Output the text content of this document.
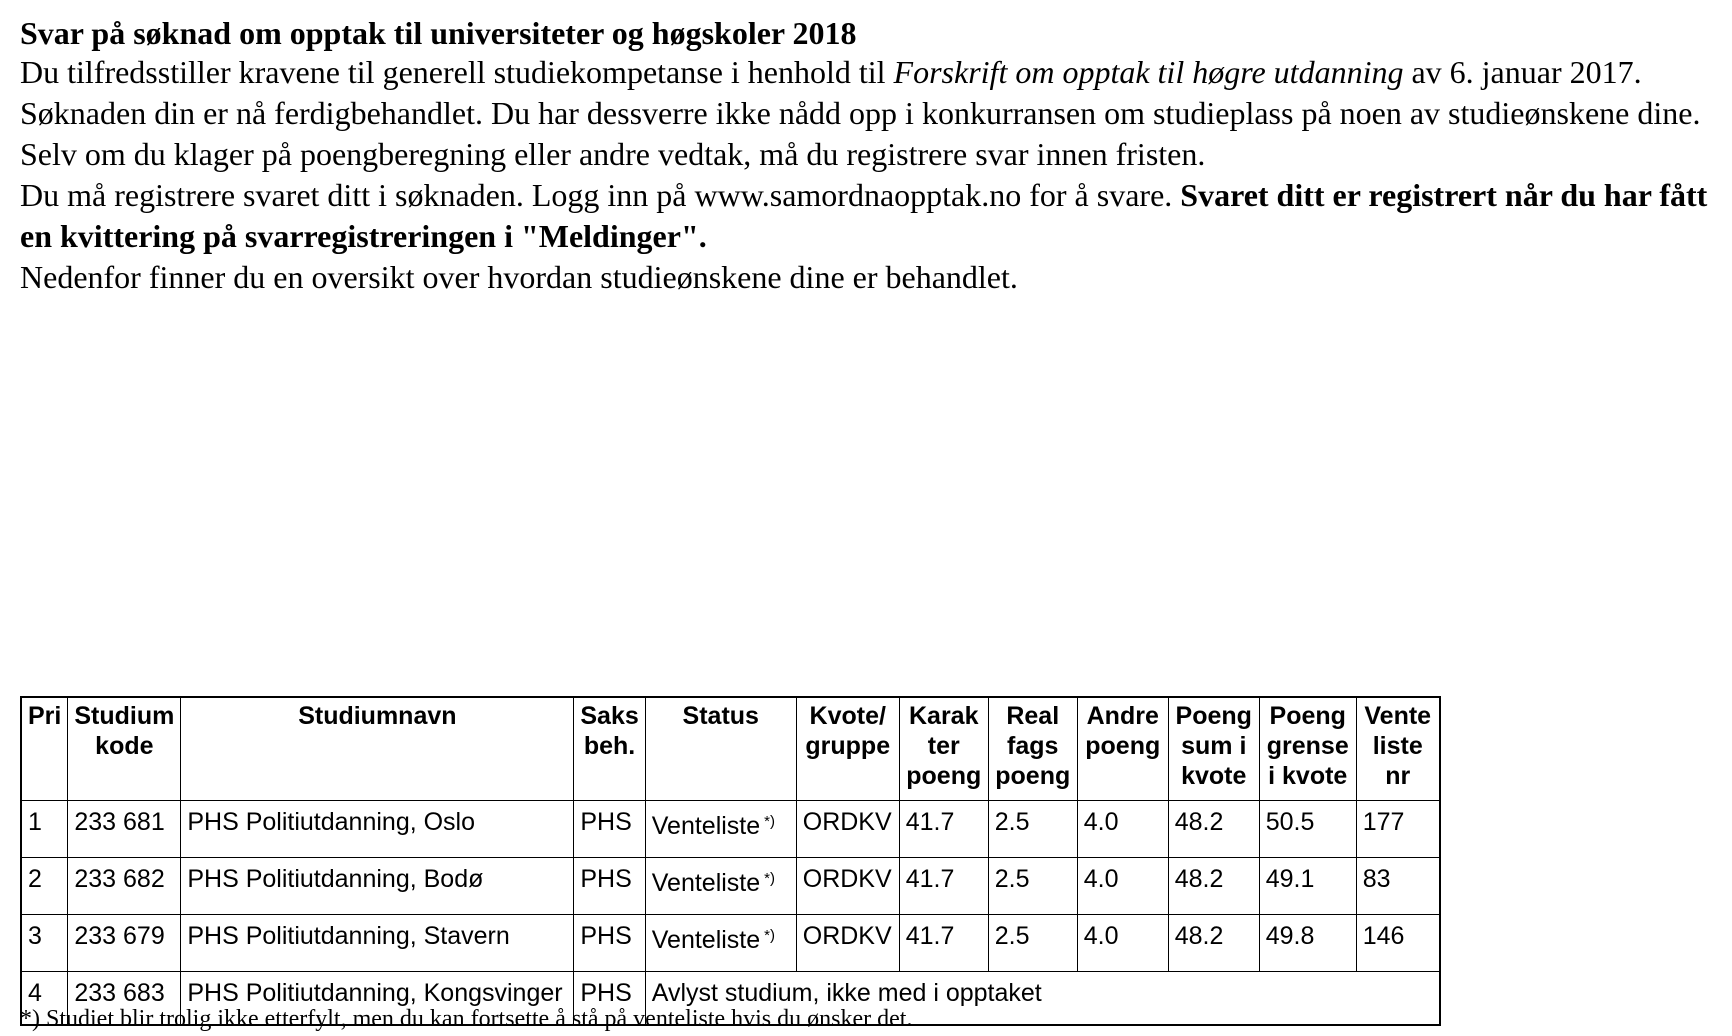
Svar på søknad om opptak til universiteter og høgskoler 2018

Du tilfredsstiller kravene til generell studiekompetanse i henhold til Forskrift om opptak til høgre utdanning av 6. januar 2017.

Søknaden din er nå ferdigbehandlet. Du har dessverre ikke nådd opp i konkurransen om studieplass på noen av studieønskene dine.

Selv om du klager på poengberegning eller andre vedtak, må du registrere svar innen fristen.

Du må registrere svaret ditt i søknaden. Logg inn på www.samordnaopptak.no for å svare. Svaret ditt er registrert når du har fått en kvittering på svarregistreringen i "Meldinger".

Nedenfor finner du en oversikt over hvordan studieønskene dine er behandlet.

Pri	Studium kode	Studiumnavn	Saks beh.	Status	Kvote/ gruppe	Karak ter poeng	Real fags poeng	Andre poeng	Poeng sum i kvote	Poeng grense i kvote	Vente liste nr
1	233 681	PHS Politiutdanning, Oslo	PHS	Venteliste *)	ORDKV	41.7	2.5	4.0	48.2	50.5	177
2	233 682	PHS Politiutdanning, Bodø	PHS	Venteliste *)	ORDKV	41.7	2.5	4.0	48.2	49.1	83
3	233 679	PHS Politiutdanning, Stavern	PHS	Venteliste *)	ORDKV	41.7	2.5	4.0	48.2	49.8	146
4	233 683	PHS Politiutdanning, Kongsvinger	PHS	Avlyst studium, ikke med i opptaket							

*) Studiet blir trolig ikke etterfylt, men du kan fortsette å stå på venteliste hvis du ønsker det.
